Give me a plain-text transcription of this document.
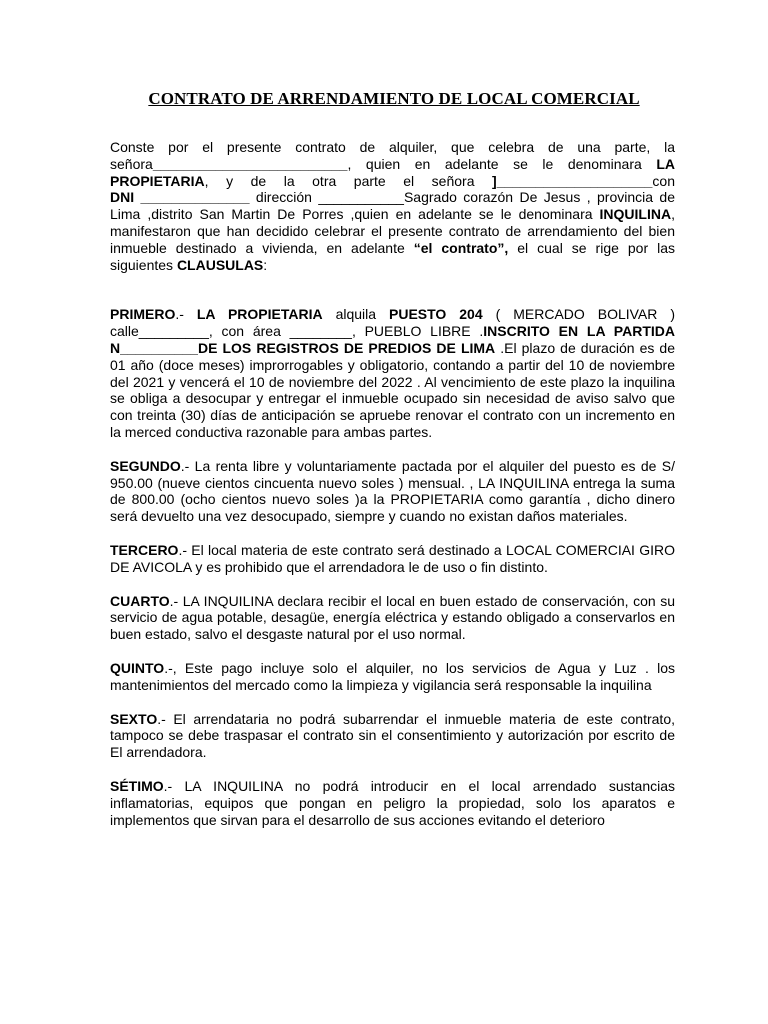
CONTRATO DE ARRENDAMIENTO DE LOCAL COMERCIAL

Conste por el presente contrato de alquiler, que celebra de una parte, la señora_________________________, quien en adelante se le denominara LA PROPIETARIA, y de la otra parte el señora ]____________________con DNI ______________ dirección ___________Sagrado corazón De Jesus , provincia de Lima ,distrito San Martin De Porres ,quien en adelante se le denominara INQUILINA, manifestaron que han decidido celebrar el presente contrato de arrendamiento del bien inmueble destinado a vivienda, en adelante “el contrato”, el cual se rige por las siguientes CLAUSULAS:

PRIMERO.- LA PROPIETARIA alquila PUESTO 204 ( MERCADO BOLIVAR ) calle_________, con área ________, PUEBLO LIBRE .INSCRITO EN LA PARTIDA N__________DE LOS REGISTROS DE PREDIOS DE LIMA .El plazo de duración es de 01 año (doce meses) improrrogables y obligatorio, contando a partir del 10 de noviembre del 2021 y vencerá el 10 de noviembre del 2022 . Al vencimiento de este plazo la inquilina se obliga a desocupar y entregar el inmueble ocupado sin necesidad de aviso salvo que con treinta (30) días de anticipación se apruebe renovar el contrato con un incremento en la merced conductiva razonable para ambas partes.

SEGUNDO.- La renta libre y voluntariamente pactada por el alquiler del puesto es de S/ 950.00 (nueve cientos cincuenta nuevo soles ) mensual. , LA INQUILINA entrega la suma de 800.00 (ocho cientos nuevo soles )a la PROPIETARIA como garantía , dicho dinero será devuelto una vez desocupado, siempre y cuando no existan daños materiales.

TERCERO.- El local materia de este contrato será destinado a LOCAL COMERCIAI GIRO DE AVICOLA y es prohibido que el arrendadora le de uso o fin distinto.

CUARTO.- LA INQUILINA declara recibir el local en buen estado de conservación, con su servicio de agua potable, desagüe, energía eléctrica y estando obligado a conservarlos en buen estado, salvo el desgaste natural por el uso normal.

QUINTO.-, Este pago incluye solo el alquiler, no los servicios de Agua y Luz . los mantenimientos del mercado como la limpieza y vigilancia será responsable la inquilina

SEXTO.- El arrendataria no podrá subarrendar el inmueble materia de este contrato, tampoco se debe traspasar el contrato sin el consentimiento y autorización por escrito de El arrendadora.

SÉTIMO.- LA INQUILINA no podrá introducir en el local arrendado sustancias inflamatorias, equipos que pongan en peligro la propiedad, solo los aparatos e implementos que sirvan para el desarrollo de sus acciones evitando el deterioro
